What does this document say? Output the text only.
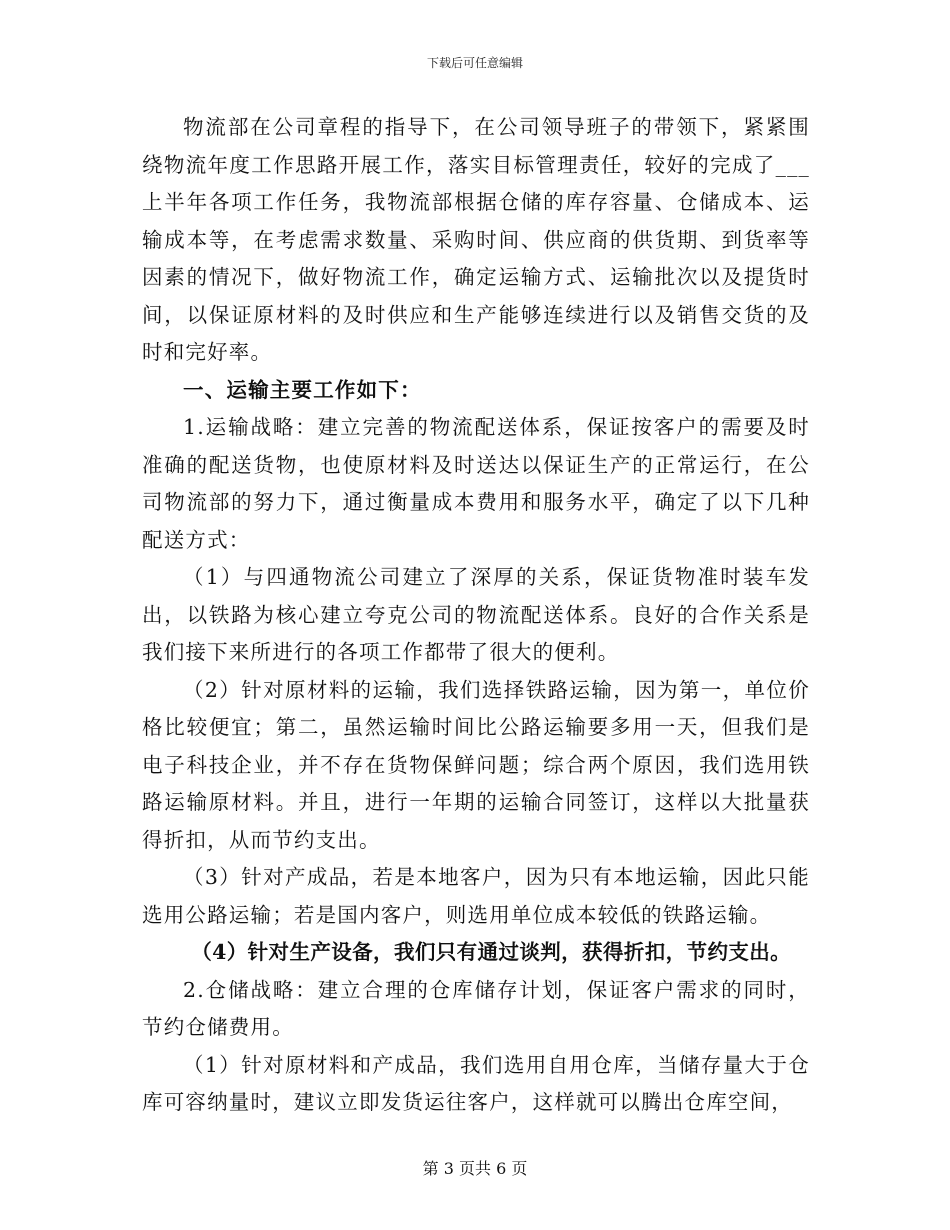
下载后可任意编辑

物流部在公司章程的指导下，在公司领导班子的带领下，紧紧围绕物流年度工作思路开展工作，落实目标管理责任，较好的完成了___上半年各项工作任务，我物流部根据仓储的库存容量、仓储成本、运输成本等，在考虑需求数量、采购时间、供应商的供货期、到货率等因素的情况下，做好物流工作，确定运输方式、运输批次以及提货时间，以保证原材料的及时供应和生产能够连续进行以及销售交货的及时和完好率。

一、运输主要工作如下：

1.运输战略：建立完善的物流配送体系，保证按客户的需要及时准确的配送货物，也使原材料及时送达以保证生产的正常运行，在公司物流部的努力下，通过衡量成本费用和服务水平，确定了以下几种配送方式：

（1）与四通物流公司建立了深厚的关系，保证货物准时装车发出，以铁路为核心建立夸克公司的物流配送体系。良好的合作关系是我们接下来所进行的各项工作都带了很大的便利。

（2）针对原材料的运输，我们选择铁路运输，因为第一，单位价格比较便宜；第二，虽然运输时间比公路运输要多用一天，但我们是电子科技企业，并不存在货物保鲜问题；综合两个原因，我们选用铁路运输原材料。并且，进行一年期的运输合同签订，这样以大批量获得折扣，从而节约支出。

（3）针对产成品，若是本地客户，因为只有本地运输，因此只能选用公路运输；若是国内客户，则选用单位成本较低的铁路运输。

（4）针对生产设备，我们只有通过谈判，获得折扣，节约支出。

2.仓储战略：建立合理的仓库储存计划，保证客户需求的同时，节约仓储费用。

（1）针对原材料和产成品，我们选用自用仓库，当储存量大于仓库可容纳量时，建议立即发货运往客户，这样就可以腾出仓库空间，

第 3 页共 6 页
